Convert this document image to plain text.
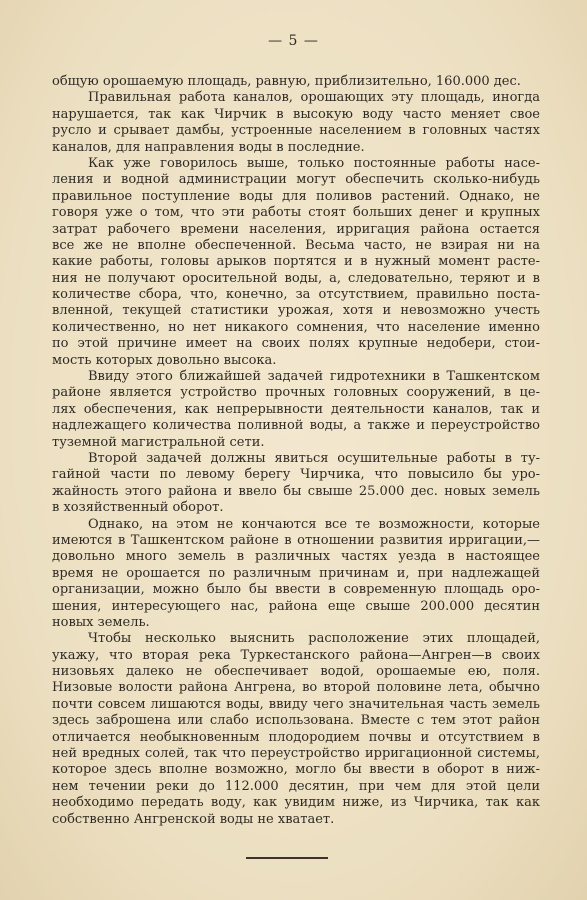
— 5 —
общую орошаемую площадь, равную, приблизительно, 160.000 дес.
Правильная работа каналов, орошающих эту площадь, иногда
нарушается, так как Чирчик в высокую воду часто меняет свое
русло и срывает дамбы, устроенные населением в головных частях
каналов, для направления воды в последние.
Как уже говорилось выше, только постоянные работы насе-
ления и водной администрации могут обеспечить сколько-нибудь
правильное поступление воды для поливов растений. Однако, не
говоря уже о том, что эти работы стоят больших денег и крупных
затрат рабочего времени населения, ирригация района остается
все же не вполне обеспеченной. Весьма часто, не взирая ни на
какие работы, головы арыков портятся и в нужный момент расте-
ния не получают оросительной воды, а, следовательно, теряют и в
количестве сбора, что, конечно, за отсутствием, правильно поста-
вленной, текущей статистики урожая, хотя и невозможно учесть
количественно, но нет никакого сомнения, что население именно
по этой причине имеет на своих полях крупные недобери, стои-
мость которых довольно высока.
Ввиду этого ближайшей задачей гидротехники в Ташкентском
районе является устройство прочных головных сооружений, в це-
лях обеспечения, как непрерывности деятельности каналов, так и
надлежащего количества поливной воды, а также и переустройство
туземной магистральной сети.
Второй задачей должны явиться осушительные работы в ту-
гайной части по левому берегу Чирчика, что повысило бы уро-
жайность этого района и ввело бы свыше 25.000 дес. новых земель
в хозяйственный оборот.
Однако, на этом не кончаются все те возможности, которые
имеются в Ташкентском районе в отношении развития ирригации,—
довольно много земель в различных частях уезда в настоящее
время не орошается по различным причинам и, при надлежащей
организации, можно было бы ввести в современную площадь оро-
шения, интересующего нас, района еще свыше 200.000 десятин
новых земель.
Чтобы несколько выяснить расположение этих площадей,
укажу, что вторая река Туркестанского района—Ангрен—в своих
низовьях далеко не обеспечивает водой, орошаемые ею, поля.
Низовые волости района Ангрена, во второй половине лета, обычно
почти совсем лишаются воды, ввиду чего значительная часть земель
здесь заброшена или слабо использована. Вместе с тем этот район
отличается необыкновенным плодородием почвы и отсутствием в
ней вредных солей, так что переустройство ирригационной системы,
которое здесь вполне возможно, могло бы ввести в оборот в ниж-
нем течении реки до 112.000 десятин, при чем для этой цели
необходимо передать воду, как увидим ниже, из Чирчика, так как
собственно Ангренской воды не хватает.
